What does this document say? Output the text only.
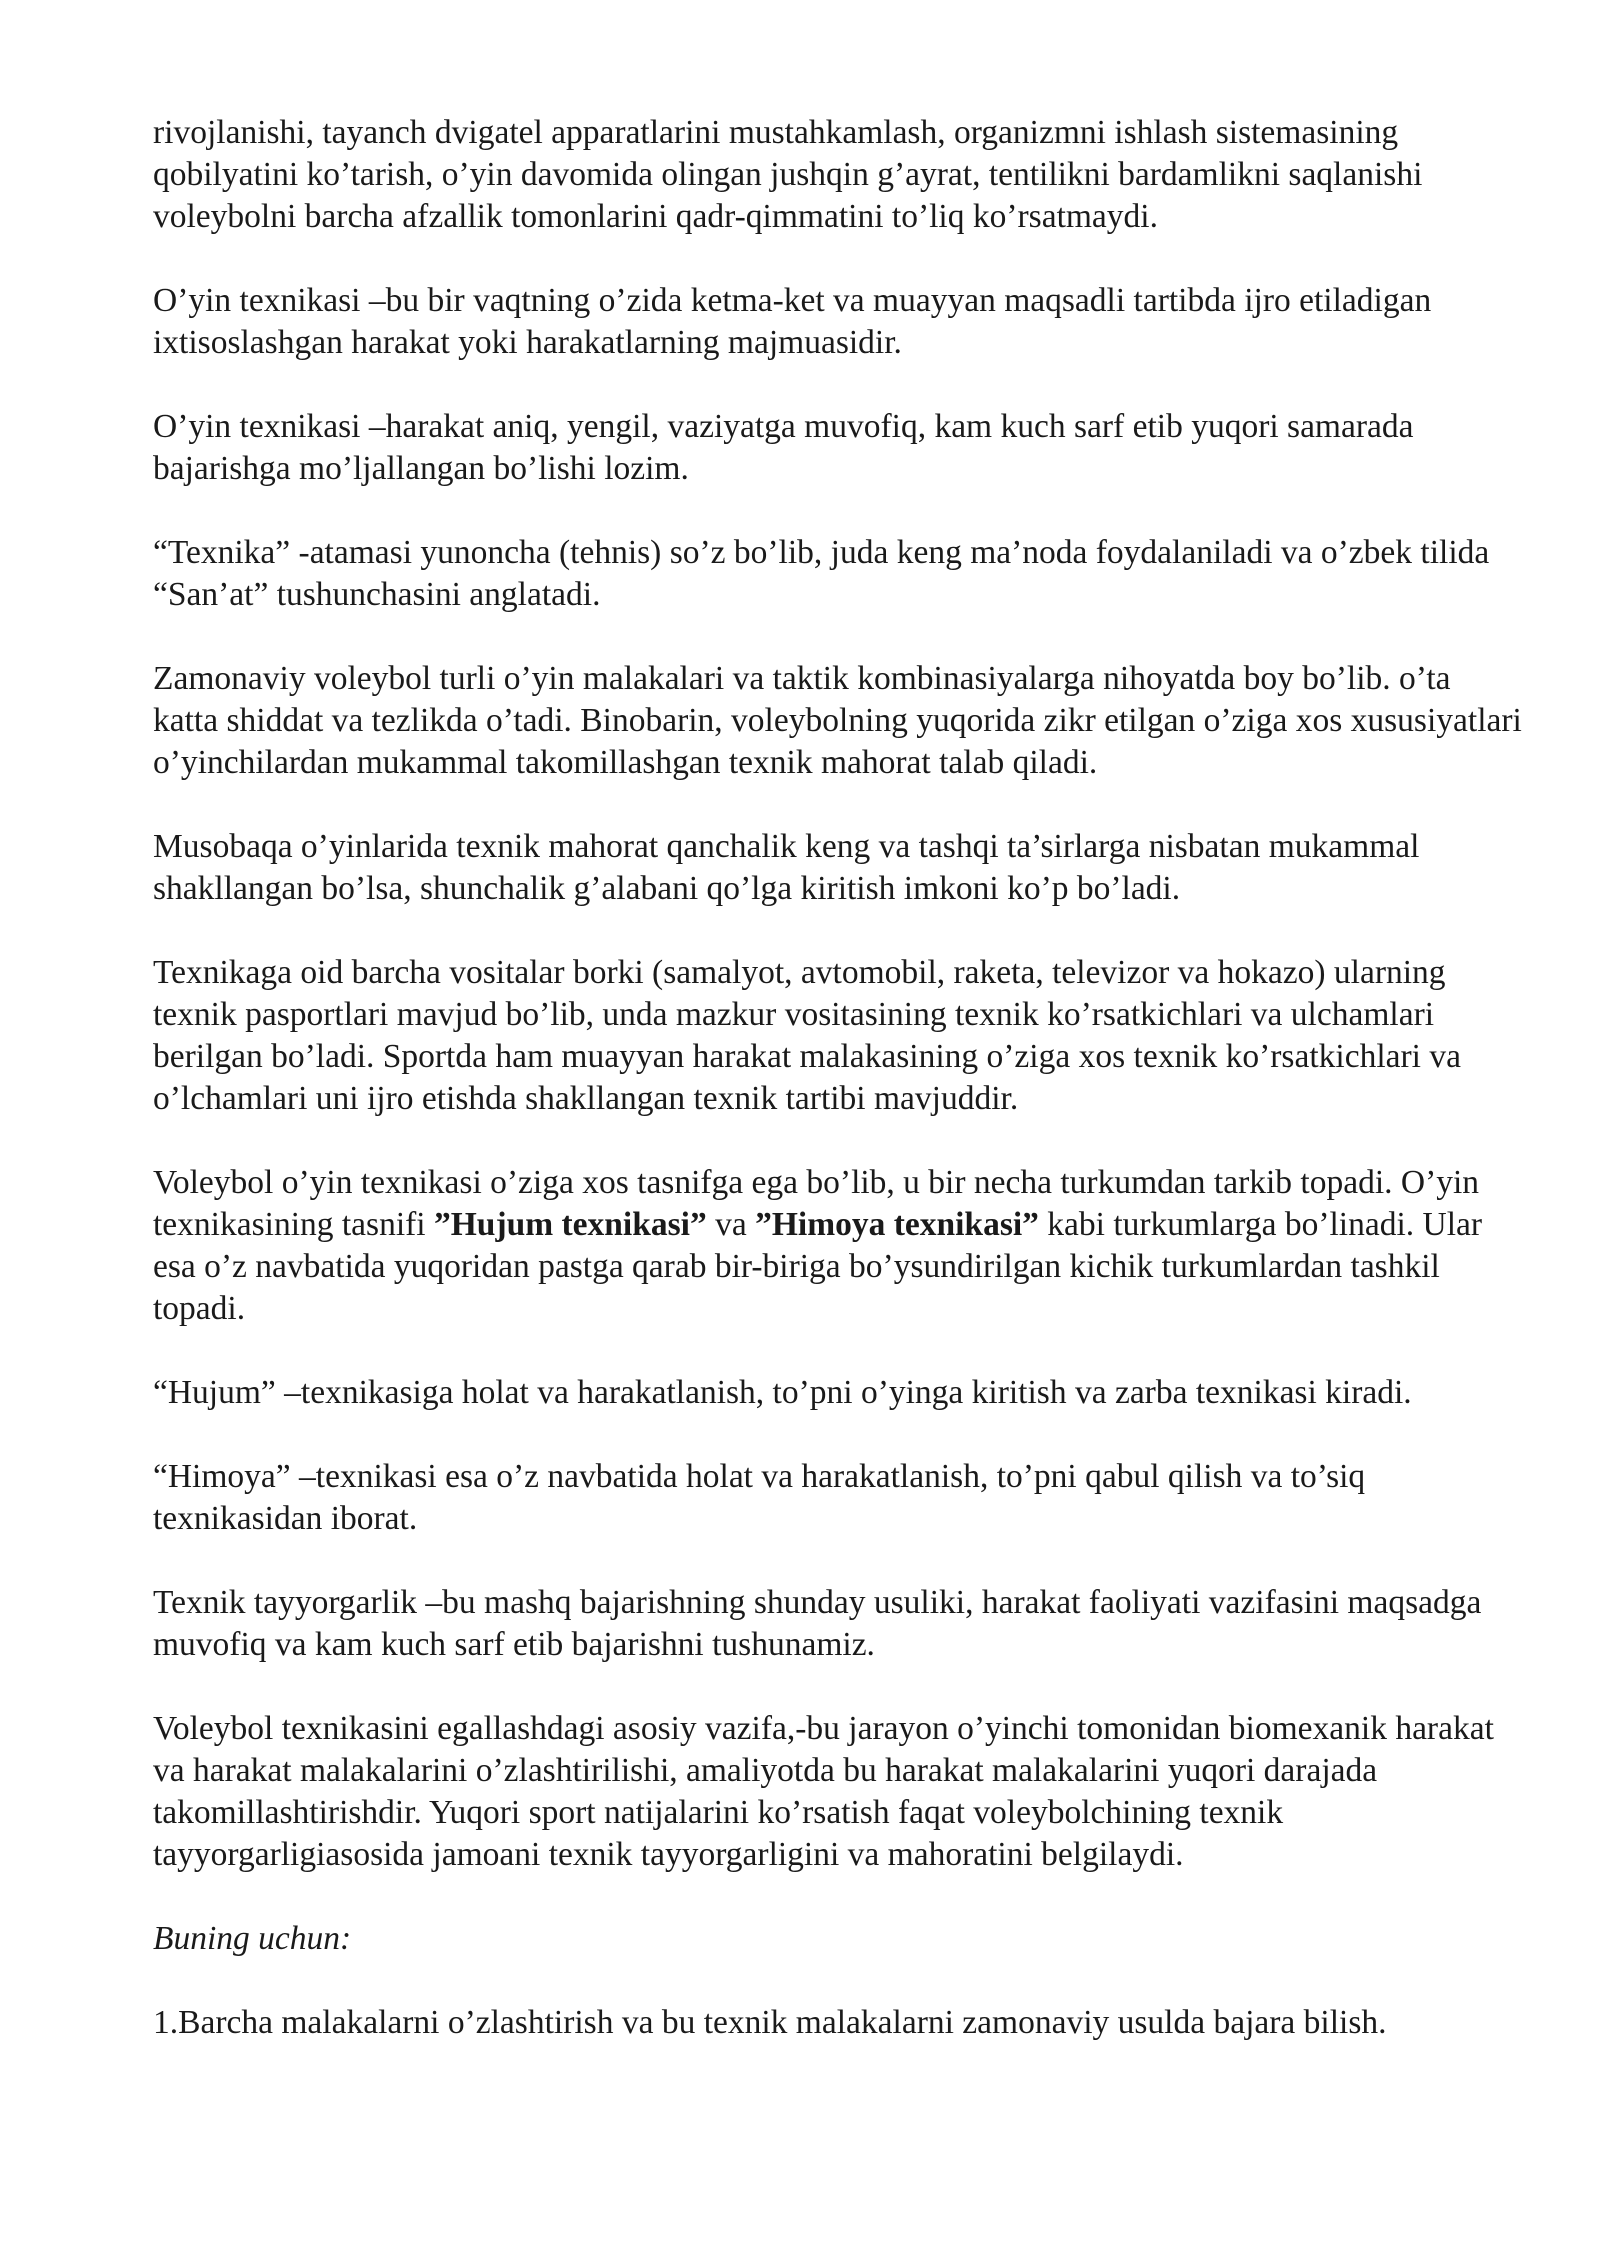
rivojlanishi, tayanch dvigatel apparatlarini mustahkamlash, organizmni ishlash sistemasining qobilyatini ko’tarish, o’yin davomida olingan jushqin g’ayrat, tentilikni bardamlikni saqlanishi voleybolni barcha afzallik tomonlarini qadr-qimmatini to’liq ko’rsatmaydi.

O’yin texnikasi –bu bir vaqtning o’zida ketma-ket va muayyan maqsadli tartibda ijro etiladigan ixtisoslashgan harakat yoki harakatlarning majmuasidir.

O’yin texnikasi –harakat aniq, yengil, vaziyatga muvofiq, kam kuch sarf etib yuqori samarada bajarishga mo’ljallangan bo’lishi lozim.

“Texnika” -atamasi yunoncha (tehnis) so’z bo’lib, juda keng ma’noda foydalaniladi va o’zbek tilida “San’at” tushunchasini anglatadi.

Zamonaviy voleybol turli o’yin malakalari va taktik kombinasiyalarga nihoyatda boy bo’lib. o’ta katta shiddat va tezlikda o’tadi. Binobarin, voleybolning yuqorida zikr etilgan o’ziga xos xususiyatlari o’yinchilardan mukammal takomillashgan texnik mahorat talab qiladi.

Musobaqa o’yinlarida texnik mahorat qanchalik keng va tashqi ta’sirlarga nisbatan mukammal shakllangan bo’lsa, shunchalik g’alabani qo’lga kiritish imkoni ko’p bo’ladi.

Texnikaga oid barcha vositalar borki (samalyot, avtomobil, raketa, televizor va hokazo) ularning texnik pasportlari mavjud bo’lib, unda mazkur vositasining texnik ko’rsatkichlari va ulchamlari berilgan bo’ladi. Sportda ham muayyan harakat malakasining o’ziga xos texnik ko’rsatkichlari va o’lchamlari uni ijro etishda shakllangan texnik tartibi mavjuddir.

Voleybol o’yin texnikasi o’ziga xos tasnifga ega bo’lib, u bir necha turkumdan tarkib topadi. O’yin texnikasining tasnifi ”Hujum texnikasi” va ”Himoya texnikasi” kabi turkumlarga bo’linadi. Ular esa o’z navbatida yuqoridan pastga qarab bir-biriga bo’ysundirilgan kichik turkumlardan tashkil topadi.

“Hujum” –texnikasiga holat va harakatlanish, to’pni o’yinga kiritish va zarba texnikasi kiradi.

“Himoya” –texnikasi esa o’z navbatida holat va harakatlanish, to’pni qabul qilish va to’siq texnikasidan iborat.

Texnik tayyorgarlik –bu mashq bajarishning shunday usuliki, harakat faoliyati vazifasini maqsadga muvofiq va kam kuch sarf etib bajarishni tushunamiz.

Voleybol texnikasini egallashdagi asosiy vazifa,-bu jarayon o’yinchi tomonidan biomexanik harakat va harakat malakalarini o’zlashtirilishi, amaliyotda bu harakat malakalarini yuqori darajada takomillashtirishdir. Yuqori sport natijalarini ko’rsatish faqat voleybolchining texnik tayyorgarligiasosida jamoani texnik tayyorgarligini va mahoratini belgilaydi.

Buning uchun:

1.Barcha malakalarni o’zlashtirish va bu texnik malakalarni zamonaviy usulda bajara bilish.
